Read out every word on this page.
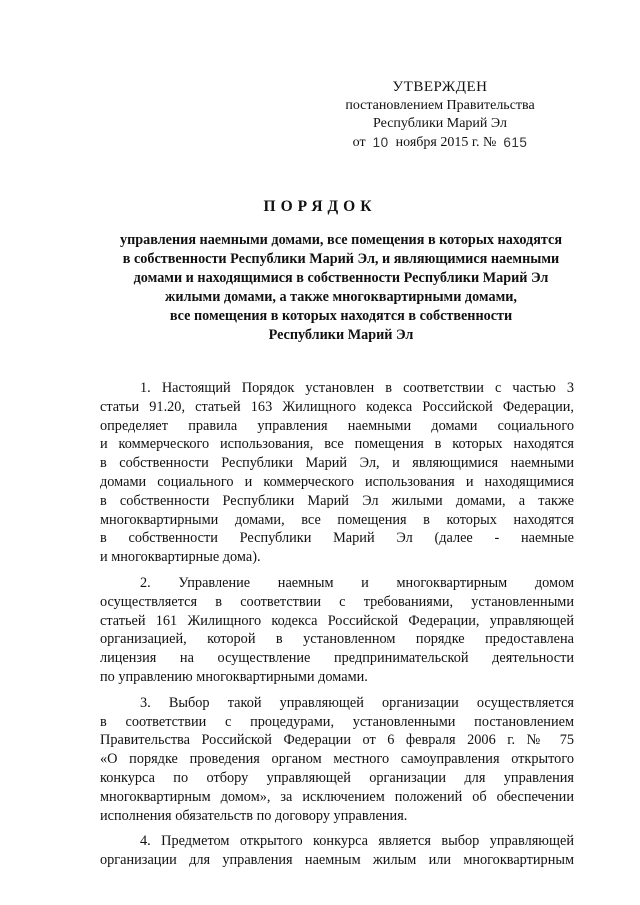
УТВЕРЖДЕН
постановлением Правительства
Республики Марий Эл
от 10 ноября 2015 г. № 615
ПОРЯДОК
управления наемными домами, все помещения в которых находятся
в собственности Республики Марий Эл, и являющимися наемными
домами и находящимися в собственности Республики Марий Эл
жилыми домами, а также многоквартирными домами,
все помещения в которых находятся в собственности
Республики Марий Эл
1. Настоящий Порядок установлен в соответствии с частью 3
статьи 91.20, статьей 163 Жилищного кодекса Российской Федерации,
определяет правила управления наемными домами социального
и коммерческого использования, все помещения в которых находятся
в собственности Республики Марий Эл, и являющимися наемными
домами социального и коммерческого использования и находящимися
в собственности Республики Марий Эл жилыми домами, а также
многоквартирными домами, все помещения в которых находятся
в собственности Республики Марий Эл (далее - наемные
и многоквартирные дома).
2. Управление наемным и многоквартирным домом
осуществляется в соответствии с требованиями, установленными
статьей 161 Жилищного кодекса Российской Федерации, управляющей
организацией, которой в установленном порядке предоставлена
лицензия на осуществление предпринимательской деятельности
по управлению многоквартирными домами.
3. Выбор такой управляющей организации осуществляется
в соответствии с процедурами, установленными постановлением
Правительства Российской Федерации от 6 февраля 2006 г. № 75
«О порядке проведения органом местного самоуправления открытого
конкурса по отбору управляющей организации для управления
многоквартирным домом», за исключением положений об обеспечении
исполнения обязательств по договору управления.
4. Предметом открытого конкурса является выбор управляющей
организации для управления наемным жилым или многоквартирным
